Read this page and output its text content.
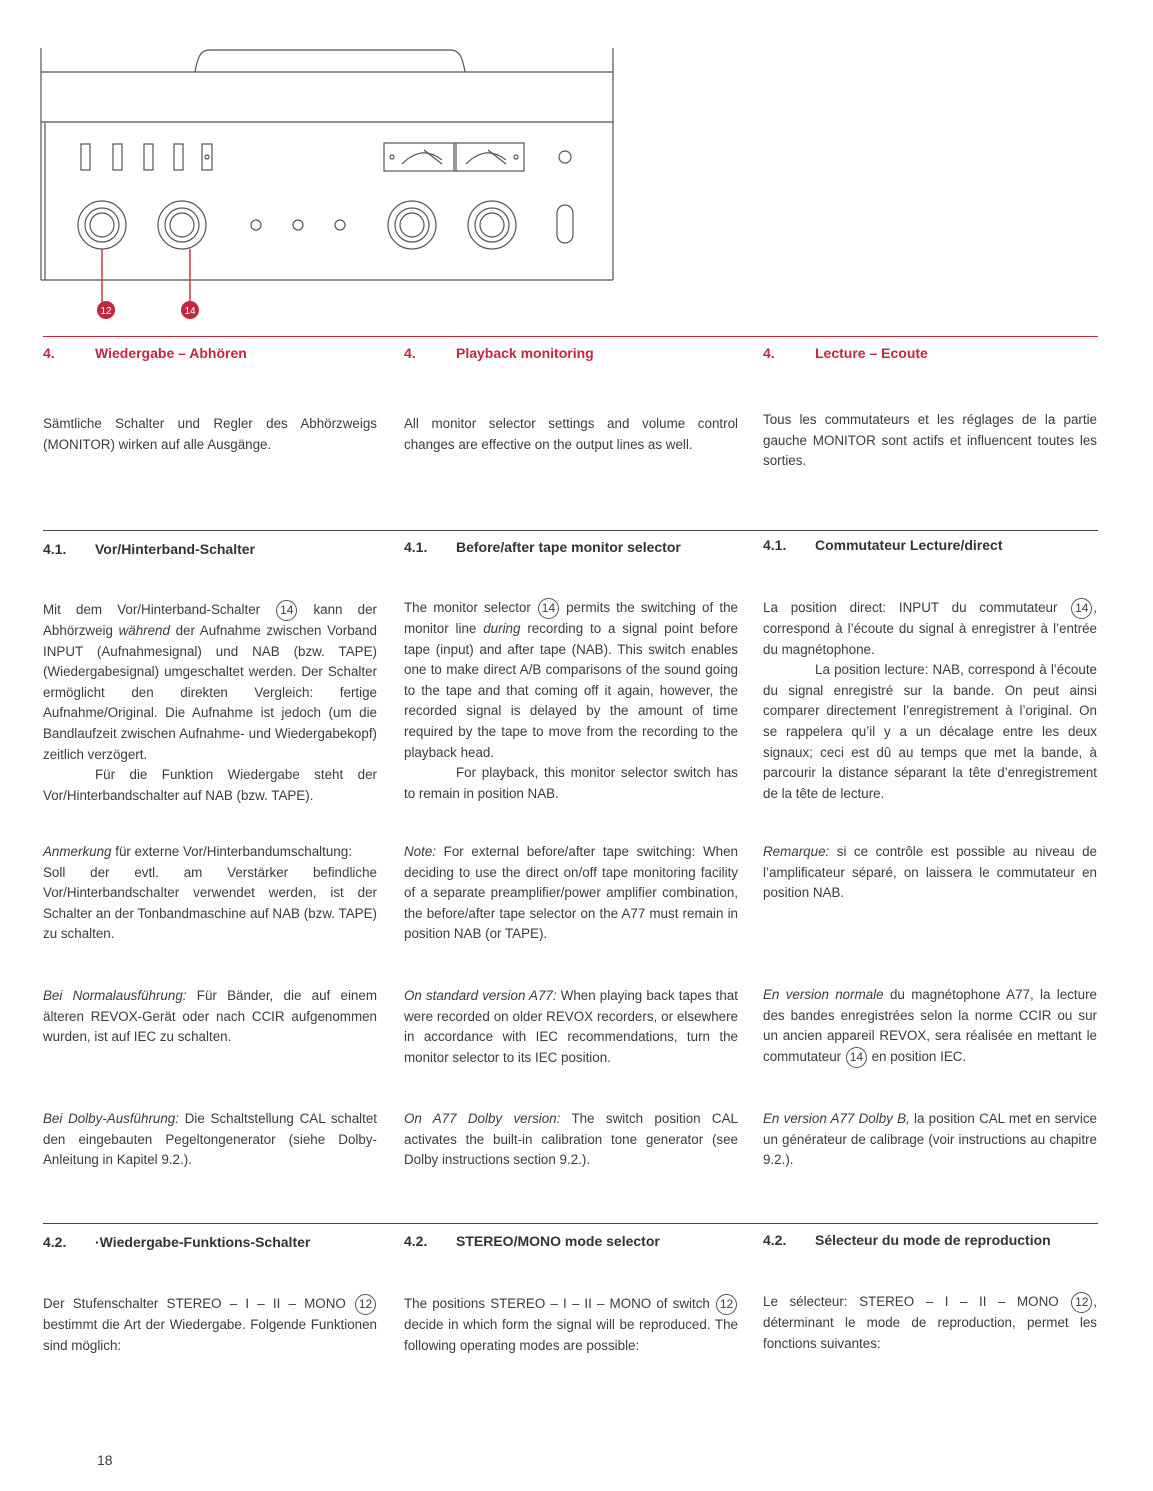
12	14
4.	Wiedergabe – Abhören

Sämtliche Schalter und Regler des Abhörzweigs (MONITOR) wirken auf alle Ausgänge.

4.	Playback monitoring

All monitor selector settings and volume control changes are effective on the output lines as well.

4.	Lecture – Ecoute

Tous les commutateurs et les réglages de la partie gauche MONITOR sont actifs et influencent toutes les sorties.

4.1. Vor/Hinterband-Schalter

Mit dem Vor/Hinterband-Schalter 14 kann der Abhörzweig während der Aufnahme zwischen Vorband INPUT (Aufnahmesignal) und NAB (bzw. TAPE) (Wiedergabesignal) umgeschaltet werden. Der Schalter ermöglicht den direkten Vergleich: fertige Aufnahme/Original. Die Aufnahme ist jedoch (um die Bandlaufzeit zwischen Aufnahme- und Wiedergabekopf) zeitlich verzögert.

Für die Funktion Wiedergabe steht der Vor/Hinterbandschalter auf NAB (bzw. TAPE).

Anmerkung für externe Vor/Hinterbandumschaltung:

Soll der evtl. am Verstärker befindliche Vor/Hinterbandschalter verwendet werden, ist der Schalter an der Tonbandmaschine auf NAB (bzw. TAPE) zu schalten.

Bei Normalausführung: Für Bänder, die auf einem älteren REVOX-Gerät oder nach CCIR aufgenommen wurden, ist auf IEC zu schalten.

Bei Dolby-Ausführung: Die Schaltstellung CAL schaltet den eingebauten Pegeltongenerator (siehe Dolby-Anleitung in Kapitel 9.2.).

4.1. Before/after tape monitor selector

The monitor selector 14 permits the switching of the monitor line during recording to a signal point before tape (input) and after tape (NAB). This switch enables one to make direct A/B comparisons of the sound going to the tape and that coming off it again, however, the recorded signal is delayed by the amount of time required by the tape to move from the recording to the playback head.

For playback, this monitor selector switch has to remain in position NAB.

Note: For external before/after tape switching: When deciding to use the direct on/off tape monitoring facility of a separate preamplifier/power amplifier combination, the before/after tape selector on the A77 must remain in position NAB (or TAPE).

On standard version A77: When playing back tapes that were recorded on older REVOX recorders, or elsewhere in accordance with IEC recommendations, turn the monitor selector to its IEC position.

On A77 Dolby version: The switch position CAL activates the built-in calibration tone generator (see Dolby instructions section 9.2.).

4.1. Commutateur Lecture/direct

La position direct: INPUT du commutateur 14 , correspond à l’écoute du signal à enregistrer à l’entrée du magnétophone.

La position lecture: NAB, correspond à l’écoute du signal enregistré sur la bande. On peut ainsi comparer directement l’enregistrement à l’original. On se rappelera qu’il y a un décalage entre les deux signaux; ceci est dû au temps que met la bande, à parcourir la distance séparant la tête d’enregistrement de la tête de lecture.

Remarque: si ce contrôle est possible au niveau de l’amplificateur séparé, on laissera le commutateur en position NAB.

En version normale du magnétophone A77, la lecture des bandes enregistrées selon la norme CCIR ou sur un ancien appareil REVOX, sera réalisée en mettant le commutateur 14 en position IEC.

En version A77 Dolby B, la position CAL met en service un générateur de calibrage (voir instructions au chapitre 9.2.).

4.2. ·Wiedergabe-Funktions-Schalter

Der Stufenschalter STEREO – I – II – MONO 12 bestimmt die Art der Wiedergabe. Folgende Funktionen sind möglich:

4.2. STEREO/MONO mode selector

The positions STEREO – I – II – MONO of switch 12 decide in which form the signal will be reproduced. The following operating modes are possible:

4.2. Sélecteur du mode de reproduction

Le sélecteur: STEREO – I – II – MONO 12 , déterminant le mode de reproduction, permet les fonctions suivantes:

18
